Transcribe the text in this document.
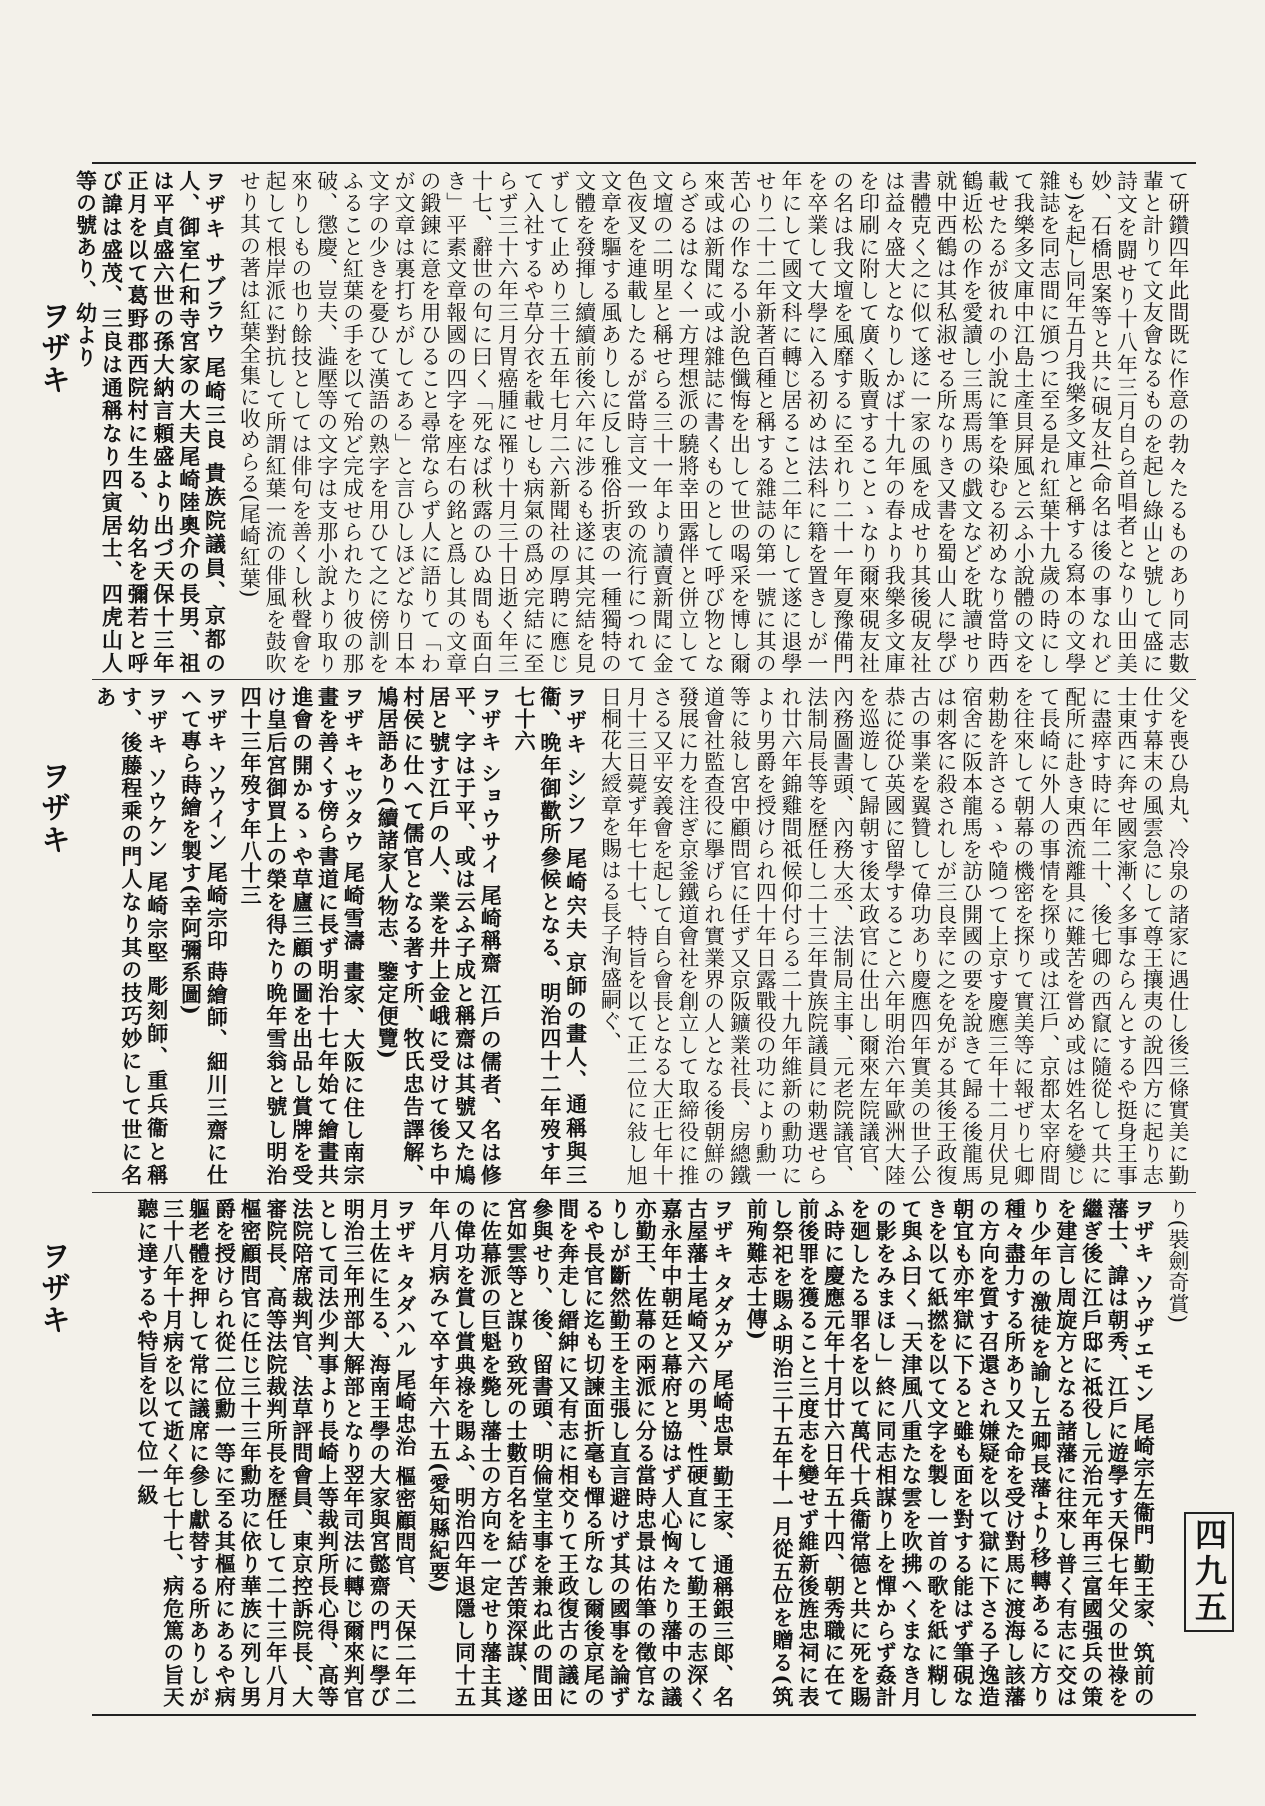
て硏鑽四年此間既に作意の勃々たるものあり同志數輩と計りて文友會なるものを起し綠山と號して盛に詩文を闘せり十八年三月自ら首唱者となり山田美妙、石橋思案等と共に硯友社(命名は後の事なれども)を起し同年五月我樂多文庫と稱する寫本の文學雜誌を同志間に頒つに至る是れ紅葉十九歲の時にして我樂多文庫中江島土產貝屛風と云ふ小說體の文を載せたるが彼れの小說に筆を染むる初めなり當時西鶴近松の作を愛讀し三馬焉馬の戯文などを耽讀せり就中西鶴は其私淑せる所なりき又書を蜀山人に學び書體克く之に似て遂に一家の風を成せり其後硯友社は益々盛大となりしかば十九年の春より我樂多文庫を印刷に附して廣く販賣することゝなり爾來硯友社の名は我文壇を風靡するに至れり二十一年夏豫備門を卒業して大學に入る初めは法科に籍を置きしが一年にして國文科に轉じ居ること二年にして遂に退學せり二十二年新著百種と稱する雜誌の第一號に其の苦心の作なる小說色懺悔を出して世の喝采を博し爾來或は新聞に或は雜誌に書くものとして呼び物とならざるはなく一方理想派の驍將幸田露伴と併立して文壇の二明星と稱せらる三十一年より讀賣新聞に金色夜叉を連載したるが當時言文一致の流行につれて文章を驅する風ありしに反し雅俗折衷の一種獨特の文體を發揮し續續前後六年に涉るも遂に其完結を見ずして止めり三十五年七月二六新聞社の厚聘に應じて入社するや草分衣を載せしも病氣の爲め完結に至らず三十六年三月胃癌腫に罹り十月三十日逝く年三十七、辭世の句に曰く「死なば秋露のひぬ間も面白き」平素文章報國の四字を座右の銘と爲し其の文章の鍛錬に意を用ひること尋常ならず人に語りて「わが文章は裏打ちがしてある」と言ひしほどなり日本文字の少きを憂ひて漢語の熟字を用ひて之に傍訓をふること紅葉の手を以て殆ど完成せられたり彼の那破、懲慶、豈夫、澁壓等の文字は支那小說より取り來りしもの也り餘技としては俳句を善くし秋聲會を起して根岸派に對抗して所謂紅葉一流の俳風を鼓吹せり其の著は紅葉全集に收めらる(尾崎紅葉)

ヲザキ サブラウ 尾崎三良 貴族院議員、京都の人、御室仁和寺宮家の大夫尾崎陸奧介の長男、祖は平貞盛六世の孫大納言頼盛より出づ天保十三年正月を以て葛野郡西院村に生る、幼名を彌若と呼び諱は盛茂、三良は通稱なり四寅居士、四虎山人等の號あり、幼より

父を喪ひ鳥丸、冷泉の諸家に遇仕し後三條實美に勤仕す幕末の風雲急にして尊王攘夷の說四方に起り志士東西に奔せ國家漸く多事ならんとするや挺身王事に盡瘁す時に年二十、後七卿の西竄に隨從して共に配所に赴き東西流離具に難苦を嘗め或は姓名を變じて長崎に外人の事情を探り或は江戶、京都太宰府間を往來して朝幕の機密を探りて實美等に報ぜり七卿勅勘を許さるゝや隨つて上京す慶應三年十二月伏見宿舍に阪本龍馬を訪ひ開國の要を說きて歸る後龍馬は刺客に殺されしが三良幸に之を免がる其後王政復古の事業を翼贊して偉功あり慶應四年實美の世子公恭に從ひ英國に留學すること六年明治六年歐洲大陸を巡遊して歸朝す後太政官に仕出し爾來左院議官、內務圖書頭、內務大丞、法制局主事、元老院議官、法制局長等を歷任し二十三年貴族院議員に勅選せられ廿六年錦雞間祗候仰付らる二十九年維新の勳功により男爵を授けられ四十年日露戰役の功により勳一等に敍し宮中顧問官に任ず又京阪鑛業社長、房總鐵道會社監查役に擧げられ實業界の人となる後朝鮮の發展に力を注ぎ京釜鐵道會社を創立して取締役に推さる又平安義會を起して自ら會長となる大正七年十月十三日薨ず年七十七、特旨を以て正二位に敍し旭日桐花大綬章を賜はる長子洵盛嗣ぐ、

ヲザキ シシフ 尾崎宍夫 京師の畫人、通稱與三衞、晩年御歡所參候となる、明治四十二年歿す年七十六

ヲザキ ショウサイ 尾崎稱齋 江戶の儒者、名は修平、字は于平、或は云ふ子成と稱齋は其號又た鳩居と號す江戶の人、業を井上金峨に受けて後ち中村侯に仕へて儒官となる著す所、牧氏忠告譯解、鳩居語あり(續諸家人物志、鑒定便覽)

ヲザキ セツタウ 尾崎雪濤 畫家、大阪に住し南宗畫を善くす傍ら書道に長ず明治十七年始て繪畫共進會の開かるゝや草廬三顧の圖を出品し賞牌を受け皇后宮御買上の榮を得たり晩年雪翁と號し明治四十三年歿す年八十三

ヲザキ ソウイン 尾崎宗印 蒔繪師、細川三齋に仕へて專ら蒔繪を製す(幸阿彌系圖)

ヲザキ ソウケン 尾崎宗堅 彫刻師、重兵衞と稱す、後藤程乘の門人なり其の技巧妙にして世に名あ

り(裝劍奇賞)

ヲザキ ソウザエモン 尾崎宗左衞門 勤王家、筑前の藩士、諱は朝秀、江戶に遊學す天保七年父の世祿を繼ぎ後に江戶邸に祗役し元治元年再三富國强兵の策を建言し周旋方となる諸藩に往來し普く有志に交はり少年の激徒を諭し五卿長藩より移轉あるに方り種々盡力する所あり又た命を受け對馬に渡海し該藩の方向を質す召還され嫌疑を以て獄に下さる子逸造朝宜も亦牢獄に下ると雖も面を對する能はず筆硯なきを以て紙撚を以て文字を製し一首の歌を紙に糊して與ふ曰く「天津風八重たな雲を吹拂へくまなき月の影をみまほし」終に同志相謀り上を憚からず姦計を廻したる罪名を以て萬代十兵衞常德と共に死を賜ふ時に慶應元年十月廿六日年五十四、朝秀職に在て前後罪を獲ること三度志を變せず維新後旌忠祠に表し祭祀を賜ふ明治三十五年十一月從五位を贈る(筑前殉難志士傳)

ヲザキ タダカゲ 尾崎忠景 勤王家、通稱銀三郞、名古屋藩士尾崎又六の男、性硬直にして勤王の志深く嘉永年中朝廷と幕府と協はず人心恟々たり藩中の議亦勤王、佐幕の兩派に分る當時忠景は佑筆の徵官なりしが斷然勤王を主張し直言避けず其の國事を論ずるや長官に迄も切諫面折毫も憚る所なし爾後京尾の間を奔走し縉紳に又有志に相交りて王政復古の議に參與せり、後、留書頭、明倫堂主事を兼ね此の間田宮如雲等と謀り致死の士數百名を結び苦策深謀、遂に佐幕派の巨魁を斃し藩士の方向を一定せり藩主其の偉功を賞し賞典祿を賜ふ、明治四年退隱し同十五年八月病みて卒す年六十五(愛知縣紀要)

ヲザキ タダハル 尾崎忠治 樞密顧問官、天保二年二月土佐に生る、海南王學の大家與宮懿齋の門に學び明治三年刑部大解部となり翌年司法に轉じ爾來判官として司法少判事より長崎上等裁判所長心得、高等法院陪席裁判官、法草評問會員、東京控訴院長、大審院長、高等法院裁判所長を歷任して二十三年八月樞密顧問官に任じ三十三年勳功に依り華族に列し男爵を授けられ從二位勳一等に至る其樞府にあるや病軀老體を押して常に議席に參し獻替する所ありしが三十八年十月病を以て逝く年七十七、病危篤の旨天聽に達するや特旨を以て位一級

ヲザキ
ヲザキ
ヲザキ
四九五
